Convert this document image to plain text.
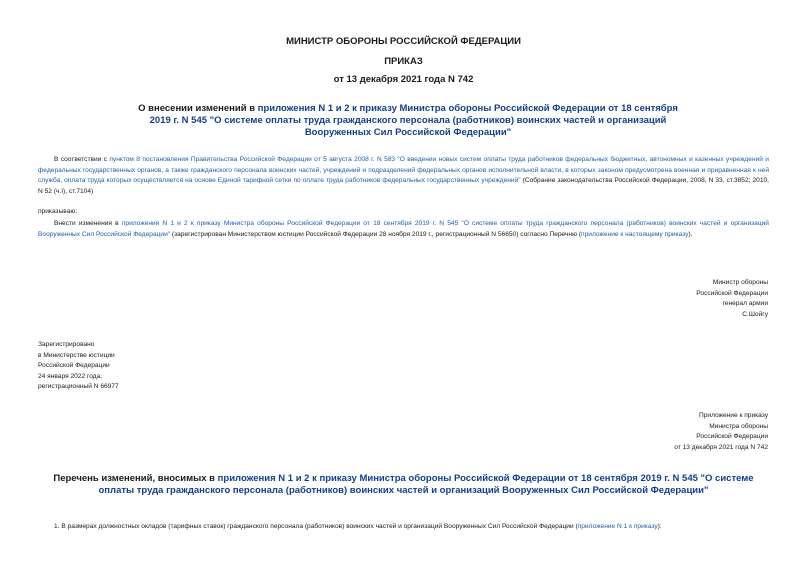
МИНИСТР ОБОРОНЫ РОССИЙСКОЙ ФЕДЕРАЦИИ
ПРИКАЗ
от 13 декабря 2021 года N 742
О внесении изменений в приложения N 1 и 2 к приказу Министра обороны Российской Федерации от 18 сентября 2019 г. N 545 "О системе оплаты труда гражданского персонала (работников) воинских частей и организаций Вооруженных Сил Российской Федерации"
В соответствии с пунктом 8 постановления Правительства Российской Федерации от 5 августа 2008 г. N 583 "О введении новых систем оплаты труда работников федеральных бюджетных, автономных и казенных учреждений и федеральных государственных органов, а также гражданского персонала воинских частей, учреждений и подразделений федеральных органов исполнительной власти, в которых законом предусмотрена военная и приравненная к ней служба, оплата труда которых осуществляется на основе Единой тарифной сетки по оплате труда работников федеральных государственных учреждений" (Собрание законодательства Российской Федерации, 2008, N 33, ст.3852; 2010, N 52 (ч.I), ст.7104)
приказываю:
Внести изменения в приложения N 1 и 2 к приказу Министра обороны Российской Федерации от 18 сентября 2019 г. N 545 "О системе оплаты труда гражданского персонала (работников) воинских частей и организаций Вооруженных Сил Российской Федерации" (зарегистрирован Министерством юстиции Российской Федерации 28 ноября 2019 г., регистрационный N 56650) согласно Перечню (приложение к настоящему приказу).
Министр обороны
Российской Федерации
генерал армии
С.Шойгу
Зарегистрировано
в Министерстве юстиции
Российской Федерации
24 января 2022 года,
регистрационный N 66977
Приложение к приказу
Министра обороны
Российской Федерации
от 13 декабря 2021 года N 742
Перечень изменений, вносимых в приложения N 1 и 2 к приказу Министра обороны Российской Федерации от 18 сентября 2019 г. N 545 "О системе оплаты труда гражданского персонала (работников) воинских частей и организаций Вооруженных Сил Российской Федерации"
1. В размерах должностных окладов (тарифных ставок) гражданского персонала (работников) воинских частей и организаций Вооруженных Сил Российской Федерации (приложение N 1 к приказу):
